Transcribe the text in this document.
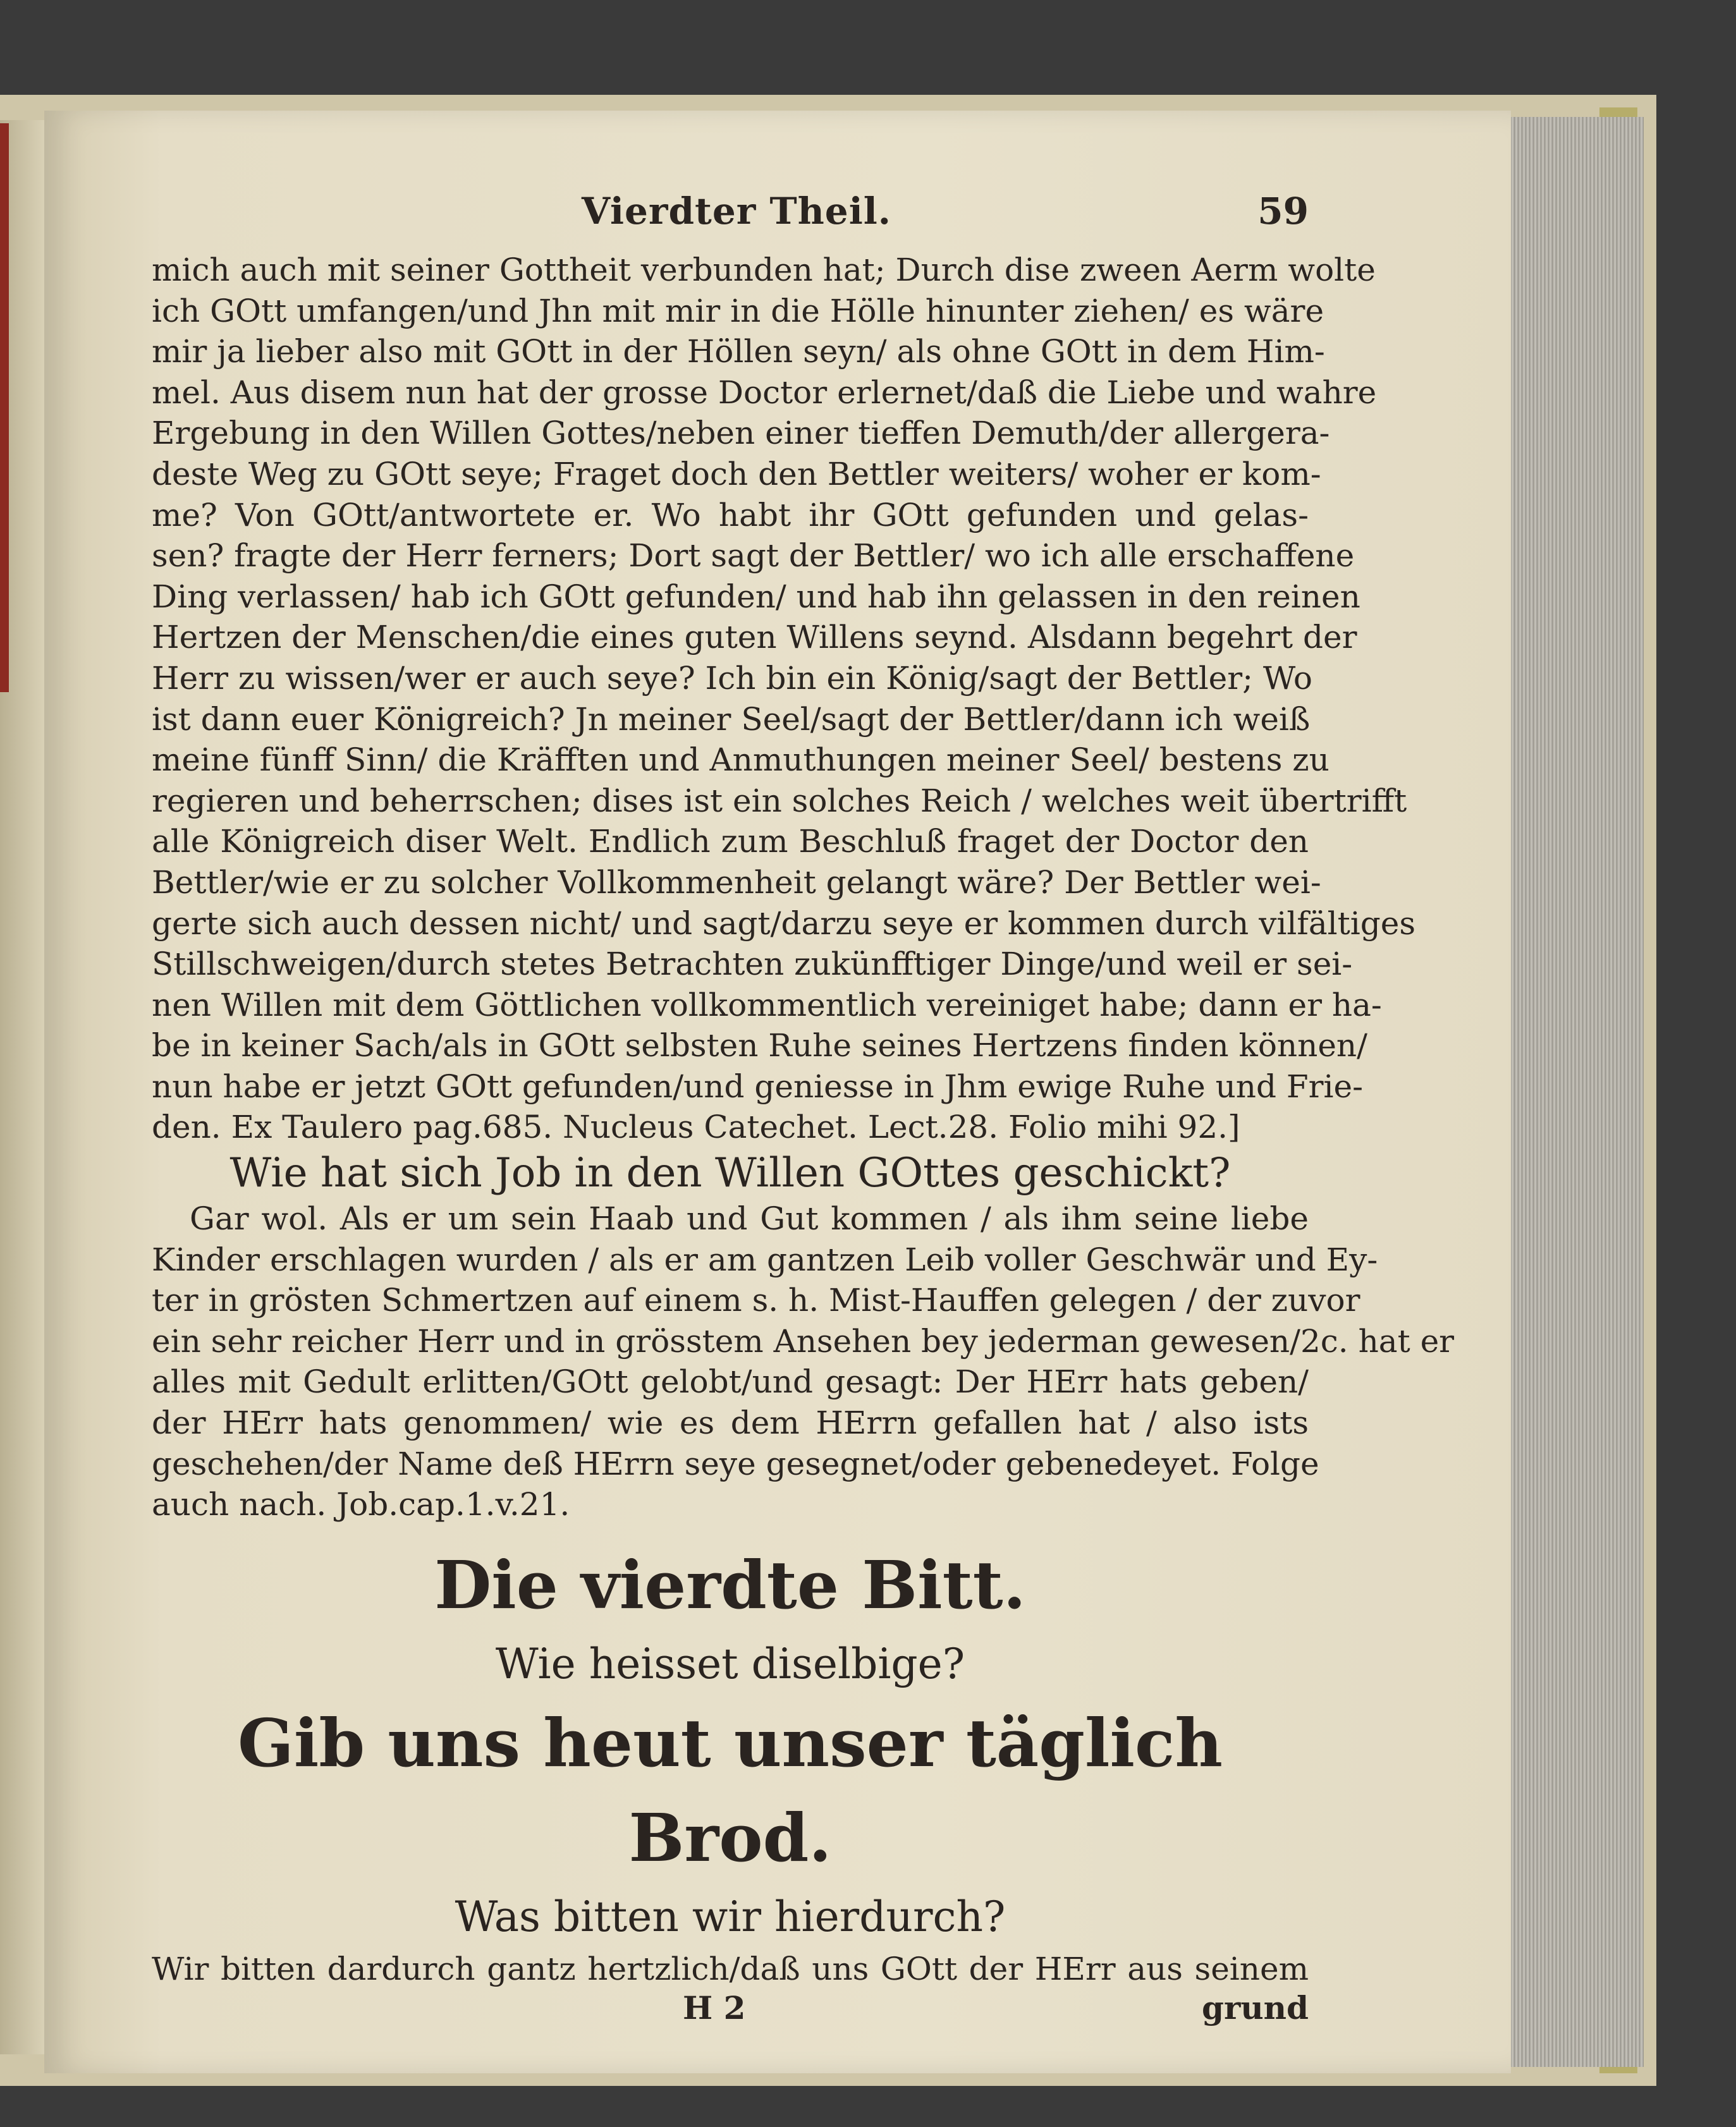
Vierdter Theil.	59
mich auch mit seiner Gottheit verbunden hat; Durch dise zween Aerm wolte
ich GOtt umfangen/und Jhn mit mir in die Hölle hinunter ziehen/ es wäre
mir ja lieber also mit GOtt in der Höllen seyn/ als ohne GOtt in dem Him-
mel. Aus disem nun hat der grosse Doctor erlernet/daß die Liebe und wahre
Ergebung in den Willen Gottes/neben einer tieffen Demuth/der allergera-
deste Weg zu GOtt seye; Fraget doch den Bettler weiters/ woher er kom-
me? Von GOtt/antwortete er. Wo habt ihr GOtt gefunden und gelas-
sen? fragte der Herr ferners; Dort sagt der Bettler/ wo ich alle erschaffene
Ding verlassen/ hab ich GOtt gefunden/ und hab ihn gelassen in den reinen
Hertzen der Menschen/die eines guten Willens seynd. Alsdann begehrt der
Herr zu wissen/wer er auch seye? Ich bin ein König/sagt der Bettler; Wo
ist dann euer Königreich? Jn meiner Seel/sagt der Bettler/dann ich weiß
meine fünff Sinn/ die Kräfften und Anmuthungen meiner Seel/ bestens zu
regieren und beherrschen; dises ist ein solches Reich / welches weit übertrifft
alle Königreich diser Welt. Endlich zum Beschluß fraget der Doctor den
Bettler/wie er zu solcher Vollkommenheit gelangt wäre? Der Bettler wei-
gerte sich auch dessen nicht/ und sagt/darzu seye er kommen durch vilfältiges
Stillschweigen/durch stetes Betrachten zukünfftiger Dinge/und weil er sei-
nen Willen mit dem Göttlichen vollkommentlich vereiniget habe; dann er ha-
be in keiner Sach/als in GOtt selbsten Ruhe seines Hertzens finden können/
nun habe er jetzt GOtt gefunden/und geniesse in Jhm ewige Ruhe und Frie-
den. Ex Taulero pag.685. Nucleus Catechet. Lect.28. Folio mihi 92.]
Wie hat sich Job in den Willen GOttes geschickt?
Gar wol. Als er um sein Haab und Gut kommen / als ihm seine liebe
Kinder erschlagen wurden / als er am gantzen Leib voller Geschwär und Ey-
ter in grösten Schmertzen auf einem s. h. Mist-Hauffen gelegen / der zuvor
ein sehr reicher Herr und in grösstem Ansehen bey jederman gewesen/2c. hat er
alles mit Gedult erlitten/GOtt gelobt/und gesagt: Der HErr hats geben/
der HErr hats genommen/ wie es dem HErrn gefallen hat / also ists
geschehen/der Name deß HErrn seye gesegnet/oder gebenedeyet. Folge
auch nach. Job.cap.1.v.21.
Die vierdte Bitt.
Wie heisset diselbige?
Gib uns heut unser täglich Brod.
Was bitten wir hierdurch?
Wir bitten dardurch gantz hertzlich/daß uns GOtt der HErr aus seinem
H 2	grund
